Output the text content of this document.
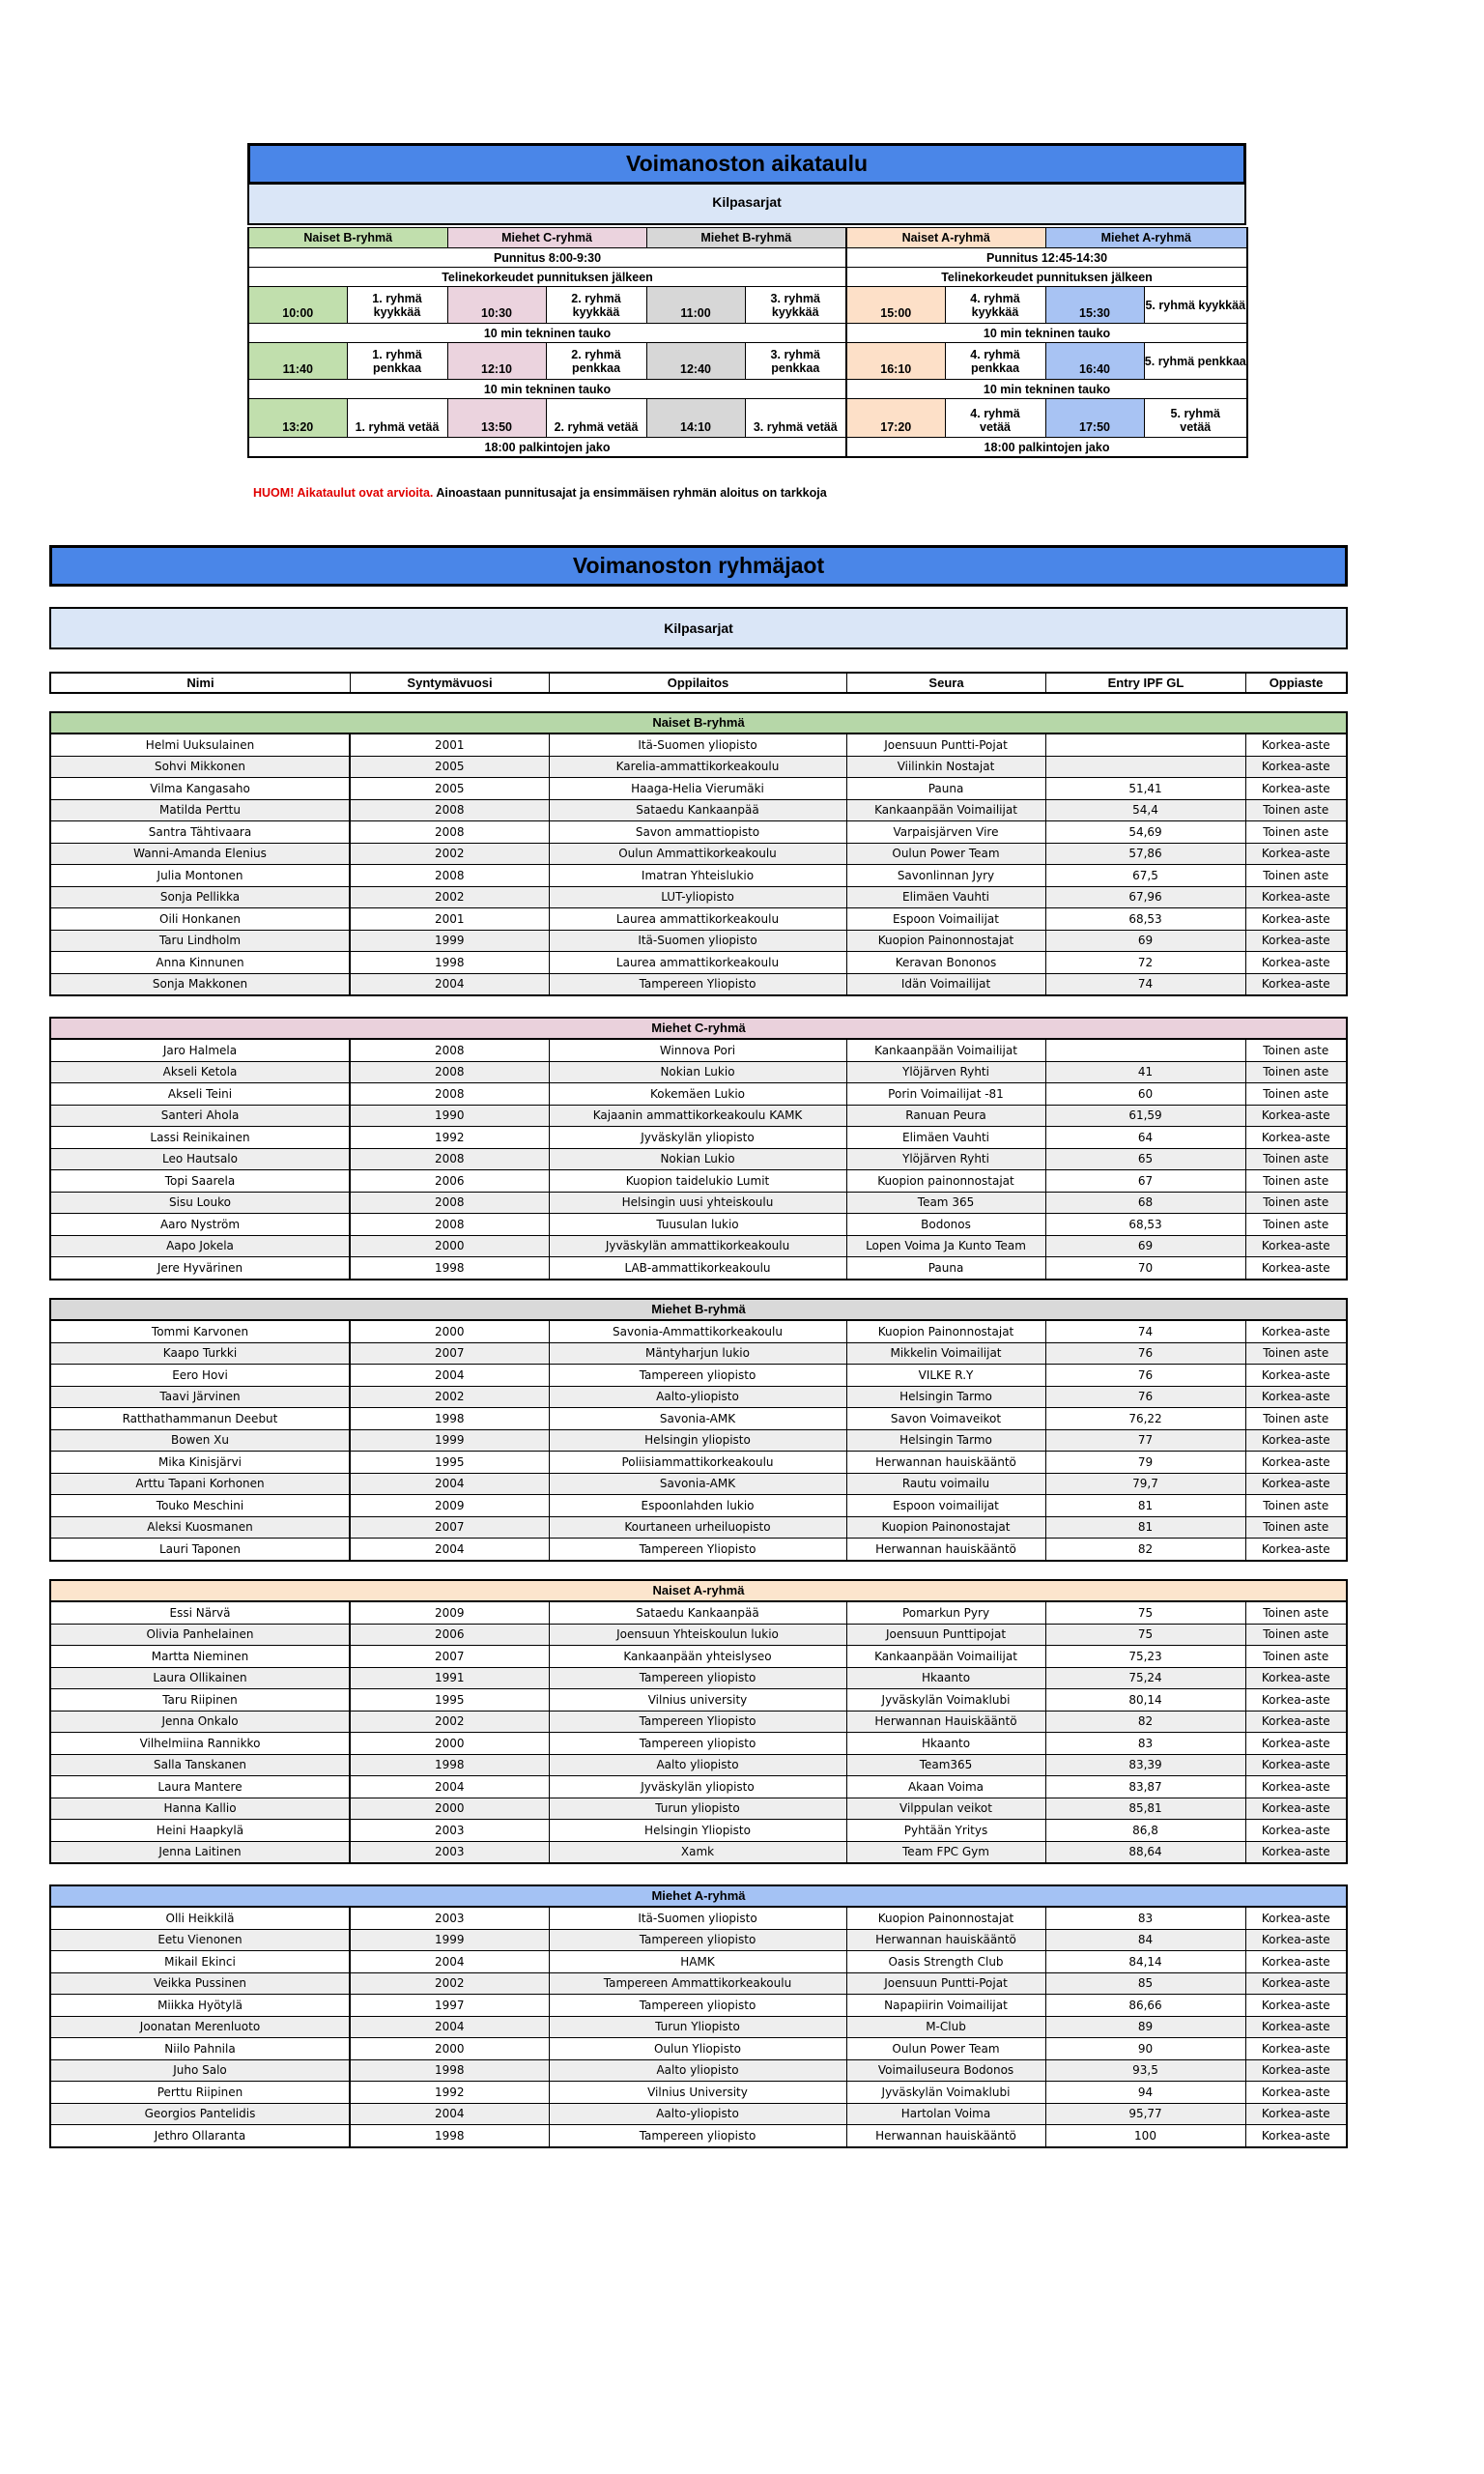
Voimanoston aikataulu
Kilpasarjat
Naiset B-ryhmä		Miehet C-ryhmä		Miehet B-ryhmä		Naiset A-ryhmä		Miehet A-ryhmä	
Punnitus 8:00-9:30						Punnitus 12:45-14:30			
Telinekorkeudet punnituksen jälkeen						Telinekorkeudet punnituksen jälkeen			
10:00	1. ryhmä kyykkää	10:30	2. ryhmä kyykkää	11:00	3. ryhmä kyykkää	15:00	4. ryhmä kyykkää	15:30	5. ryhmä kyykkää
10 min tekninen tauko						10 min tekninen tauko			
11:40	1. ryhmä penkkaa	12:10	2. ryhmä penkkaa	12:40	3. ryhmä penkkaa	16:10	4. ryhmä penkkaa	16:40	5. ryhmä penkkaa
10 min tekninen tauko						10 min tekninen tauko			
13:20	1. ryhmä vetää	13:50	2. ryhmä vetää	14:10	3. ryhmä vetää	17:20	4. ryhmä vetää	17:50	5. ryhmä vetää
18:00 palkintojen jako						18:00 palkintojen jako			
HUOM! Aikataulut ovat arvioita. Ainoastaan punnitusajat ja ensimmäisen ryhmän aloitus on tarkkoja
Voimanoston ryhmäjaot
Kilpasarjat
Nimi	Syntymävuosi	Oppilaitos	Seura	Entry IPF GL	Oppiaste
Naiset B-ryhmä
Helmi Uuksulainen	2001	Itä-Suomen yliopisto	Joensuun Puntti-Pojat		Korkea-aste
Sohvi Mikkonen	2005	Karelia-ammattikorkeakoulu	Viilinkin Nostajat		Korkea-aste
Vilma Kangasaho	2005	Haaga-Helia Vierumäki	Pauna	51,41	Korkea-aste
Matilda Perttu	2008	Sataedu Kankaanpää	Kankaanpään Voimailijat	54,4	Toinen aste
Santra Tähtivaara	2008	Savon ammattiopisto	Varpaisjärven Vire	54,69	Toinen aste
Wanni-Amanda Elenius	2002	Oulun Ammattikorkeakoulu	Oulun Power Team	57,86	Korkea-aste
Julia Montonen	2008	Imatran Yhteislukio	Savonlinnan Jyry	67,5	Toinen aste
Sonja Pellikka	2002	LUT-yliopisto	Elimäen Vauhti	67,96	Korkea-aste
Oili Honkanen	2001	Laurea ammattikorkeakoulu	Espoon Voimailijat	68,53	Korkea-aste
Taru Lindholm	1999	Itä-Suomen yliopisto	Kuopion Painonnostajat	69	Korkea-aste
Anna Kinnunen	1998	Laurea ammattikorkeakoulu	Keravan Bononos	72	Korkea-aste
Sonja Makkonen	2004	Tampereen Yliopisto	Idän Voimailijat	74	Korkea-aste
Miehet C-ryhmä
Jaro Halmela	2008	Winnova Pori	Kankaanpään Voimailijat		Toinen aste
Akseli Ketola	2008	Nokian Lukio	Ylöjärven Ryhti	41	Toinen aste
Akseli Teini	2008	Kokemäen Lukio	Porin Voimailijat -81	60	Toinen aste
Santeri Ahola	1990	Kajaanin ammattikorkeakoulu KAMK	Ranuan Peura	61,59	Korkea-aste
Lassi Reinikainen	1992	Jyväskylän yliopisto	Elimäen Vauhti	64	Korkea-aste
Leo Hautsalo	2008	Nokian Lukio	Ylöjärven Ryhti	65	Toinen aste
Topi Saarela	2006	Kuopion taidelukio Lumit	Kuopion painonnostajat	67	Toinen aste
Sisu Louko	2008	Helsingin uusi yhteiskoulu	Team 365	68	Toinen aste
Aaro Nyström	2008	Tuusulan lukio	Bodonos	68,53	Toinen aste
Aapo Jokela	2000	Jyväskylän ammattikorkeakoulu	Lopen Voima Ja Kunto Team	69	Korkea-aste
Jere Hyvärinen	1998	LAB-ammattikorkeakoulu	Pauna	70	Korkea-aste
Miehet B-ryhmä
Tommi Karvonen	2000	Savonia-Ammattikorkeakoulu	Kuopion Painonnostajat	74	Korkea-aste
Kaapo Turkki	2007	Mäntyharjun lukio	Mikkelin Voimailijat	76	Toinen aste
Eero Hovi	2004	Tampereen yliopisto	VILKE R.Y	76	Korkea-aste
Taavi Järvinen	2002	Aalto-yliopisto	Helsingin Tarmo	76	Korkea-aste
Ratthathammanun Deebut	1998	Savonia-AMK	Savon Voimaveikot	76,22	Toinen aste
Bowen Xu	1999	Helsingin yliopisto	Helsingin Tarmo	77	Korkea-aste
Mika Kinisjärvi	1995	Poliisiammattikorkeakoulu	Herwannan hauiskääntö	79	Korkea-aste
Arttu Tapani Korhonen	2004	Savonia-AMK	Rautu voimailu	79,7	Korkea-aste
Touko Meschini	2009	Espoonlahden lukio	Espoon voimailijat	81	Toinen aste
Aleksi Kuosmanen	2007	Kourtaneen urheiluopisto	Kuopion Painonostajat	81	Toinen aste
Lauri Taponen	2004	Tampereen Yliopisto	Herwannan hauiskääntö	82	Korkea-aste
Naiset A-ryhmä
Essi Närvä	2009	Sataedu Kankaanpää	Pomarkun Pyry	75	Toinen aste
Olivia Panhelainen	2006	Joensuun Yhteiskoulun lukio	Joensuun Punttipojat	75	Toinen aste
Martta Nieminen	2007	Kankaanpään yhteislyseo	Kankaanpään Voimailijat	75,23	Toinen aste
Laura Ollikainen	1991	Tampereen yliopisto	Hkaanto	75,24	Korkea-aste
Taru Riipinen	1995	Vilnius university	Jyväskylän Voimaklubi	80,14	Korkea-aste
Jenna Onkalo	2002	Tampereen Yliopisto	Herwannan Hauiskääntö	82	Korkea-aste
Vilhelmiina Rannikko	2000	Tampereen yliopisto	Hkaanto	83	Korkea-aste
Salla Tanskanen	1998	Aalto yliopisto	Team365	83,39	Korkea-aste
Laura Mantere	2004	Jyväskylän yliopisto	Akaan Voima	83,87	Korkea-aste
Hanna Kallio	2000	Turun yliopisto	Vilppulan veikot	85,81	Korkea-aste
Heini Haapkylä	2003	Helsingin Yliopisto	Pyhtään Yritys	86,8	Korkea-aste
Jenna Laitinen	2003	Xamk	Team FPC Gym	88,64	Korkea-aste
Miehet A-ryhmä
Olli Heikkilä	2003	Itä-Suomen yliopisto	Kuopion Painonnostajat	83	Korkea-aste
Eetu Vienonen	1999	Tampereen yliopisto	Herwannan hauiskääntö	84	Korkea-aste
Mikail Ekinci	2004	HAMK	Oasis Strength Club	84,14	Korkea-aste
Veikka Pussinen	2002	Tampereen Ammattikorkeakoulu	Joensuun Puntti-Pojat	85	Korkea-aste
Miikka Hyötylä	1997	Tampereen yliopisto	Napapiirin Voimailijat	86,66	Korkea-aste
Joonatan Merenluoto	2004	Turun Yliopisto	M-Club	89	Korkea-aste
Niilo Pahnila	2000	Oulun Yliopisto	Oulun Power Team	90	Korkea-aste
Juho Salo	1998	Aalto yliopisto	Voimailuseura Bodonos	93,5	Korkea-aste
Perttu Riipinen	1992	Vilnius University	Jyväskylän Voimaklubi	94	Korkea-aste
Georgios Pantelidis	2004	Aalto-yliopisto	Hartolan Voima	95,77	Korkea-aste
Jethro Ollaranta	1998	Tampereen yliopisto	Herwannan hauiskääntö	100	Korkea-aste
